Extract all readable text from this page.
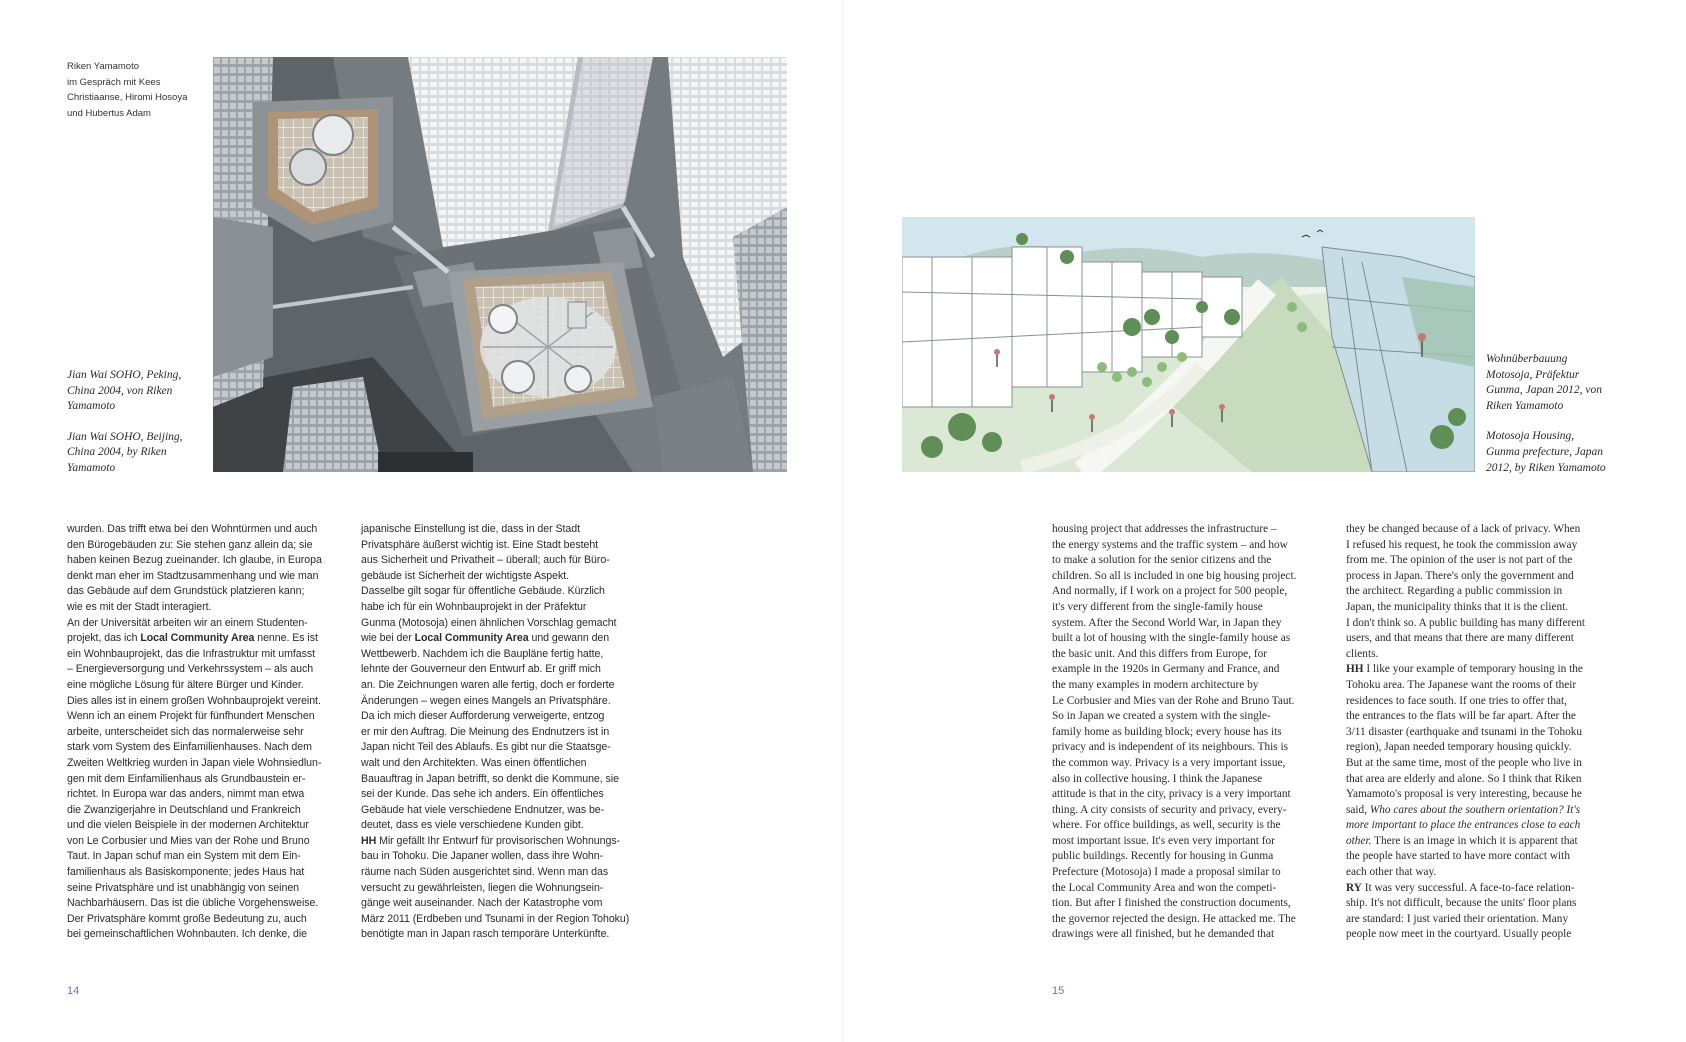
Riken Yamamoto
im Gespräch mit Kees
Christiaanse, Hiromi Hosoya
und Hubertus Adam
Jian Wai SOHO, Peking,
China 2004, von Riken
Yamamoto
Jian Wai SOHO, Beijing,
China 2004, by Riken
Yamamoto
wurden. Das trifft etwa bei den Wohntürmen und auch
den Bürogebäuden zu: Sie stehen ganz allein da; sie
haben keinen Bezug zueinander. Ich glaube, in Europa
denkt man eher im Stadtzusammenhang und wie man
das Gebäude auf dem Grundstück platzieren kann;
wie es mit der Stadt interagiert.
An der Universität arbeiten wir an einem Studenten-
projekt, das ich Local Community Area nenne. Es ist
ein Wohnbauprojekt, das die Infrastruktur mit umfasst
– Energieversorgung und Verkehrssystem – als auch
eine mögliche Lösung für ältere Bürger und Kinder.
Dies alles ist in einem großen Wohnbauprojekt vereint.
Wenn ich an einem Projekt für fünfhundert Menschen
arbeite, unterscheidet sich das normalerweise sehr
stark vom System des Einfamilienhauses. Nach dem
Zweiten Weltkrieg wurden in Japan viele Wohnsiedlun-
gen mit dem Einfamilienhaus als Grundbaustein er-
richtet. In Europa war das anders, nimmt man etwa
die Zwanzigerjahre in Deutschland und Frankreich
und die vielen Beispiele in der modernen Architektur
von Le Corbusier und Mies van der Rohe und Bruno
Taut. In Japan schuf man ein System mit dem Ein-
familienhaus als Basiskomponente; jedes Haus hat
seine Privatsphäre und ist unabhängig von seinen
Nachbarhäusern. Das ist die übliche Vorgehensweise.
Der Privatsphäre kommt große Bedeutung zu, auch
bei gemeinschaftlichen Wohnbauten. Ich denke, die
japanische Einstellung ist die, dass in der Stadt
Privatsphäre äußerst wichtig ist. Eine Stadt besteht
aus Sicherheit und Privatheit – überall; auch für Büro-
gebäude ist Sicherheit der wichtigste Aspekt.
Dasselbe gilt sogar für öffentliche Gebäude. Kürzlich
habe ich für ein Wohnbauprojekt in der Präfektur
Gunma (Motosoja) einen ähnlichen Vorschlag gemacht
wie bei der Local Community Area und gewann den
Wettbewerb. Nachdem ich die Baupläne fertig hatte,
lehnte der Gouverneur den Entwurf ab. Er griff mich
an. Die Zeichnungen waren alle fertig, doch er forderte
Änderungen – wegen eines Mangels an Privatsphäre.
Da ich mich dieser Aufforderung verweigerte, entzog
er mir den Auftrag. Die Meinung des Endnutzers ist in
Japan nicht Teil des Ablaufs. Es gibt nur die Staatsge-
walt und den Architekten. Was einen öffentlichen
Bauauftrag in Japan betrifft, so denkt die Kommune, sie
sei der Kunde. Das sehe ich anders. Ein öffentliches
Gebäude hat viele verschiedene Endnutzer, was be-
deutet, dass es viele verschiedene Kunden gibt.
HH Mir gefällt Ihr Entwurf für provisorischen Wohnungs-
bau in Tohoku. Die Japaner wollen, dass ihre Wohn-
räume nach Süden ausgerichtet sind. Wenn man das
versucht zu gewährleisten, liegen die Wohnungsein-
gänge weit auseinander. Nach der Katastrophe vom
März 2011 (Erdbeben und Tsunami in der Region Tohoku)
benötigte man in Japan rasch temporäre Unterkünfte.
14
Wohnüberbauung
Motosoja, Präfektur
Gunma, Japan 2012, von
Riken Yamamoto
Motosoja Housing,
Gunma prefecture, Japan
2012, by Riken Yamamoto
housing project that addresses the infrastructure –
the energy systems and the traffic system – and how
to make a solution for the senior citizens and the
children. So all is included in one big housing project.
And normally, if I work on a project for 500 people,
it's very different from the single-family house
system. After the Second World War, in Japan they
built a lot of housing with the single-family house as
the basic unit. And this differs from Europe, for
example in the 1920s in Germany and France, and
the many examples in modern architecture by
Le Corbusier and Mies van der Rohe and Bruno Taut.
So in Japan we created a system with the single-
family home as building block; every house has its
privacy and is independent of its neighbours. This is
the common way. Privacy is a very important issue,
also in collective housing. I think the Japanese
attitude is that in the city, privacy is a very important
thing. A city consists of security and privacy, every-
where. For office buildings, as well, security is the
most important issue. It's even very important for
public buildings. Recently for housing in Gunma
Prefecture (Motosoja) I made a proposal similar to
the Local Community Area and won the competi-
tion. But after I finished the construction documents,
the governor rejected the design. He attacked me. The
drawings were all finished, but he demanded that
they be changed because of a lack of privacy. When
I refused his request, he took the commission away
from me. The opinion of the user is not part of the
process in Japan. There's only the government and
the architect. Regarding a public commission in
Japan, the municipality thinks that it is the client.
I don't think so. A public building has many different
users, and that means that there are many different
clients.
HH I like your example of temporary housing in the
Tohoku area. The Japanese want the rooms of their
residences to face south. If one tries to offer that,
the entrances to the flats will be far apart. After the
3/11 disaster (earthquake and tsunami in the Tohoku
region), Japan needed temporary housing quickly.
But at the same time, most of the people who live in
that area are elderly and alone. So I think that Riken
Yamamoto's proposal is very interesting, because he
said, Who cares about the southern orientation? It's
more important to place the entrances close to each
other. There is an image in which it is apparent that
the people have started to have more contact with
each other that way.
RY It was very successful. A face-to-face relation-
ship. It's not difficult, because the units' floor plans
are standard: I just varied their orientation. Many
people now meet in the courtyard. Usually people
15
